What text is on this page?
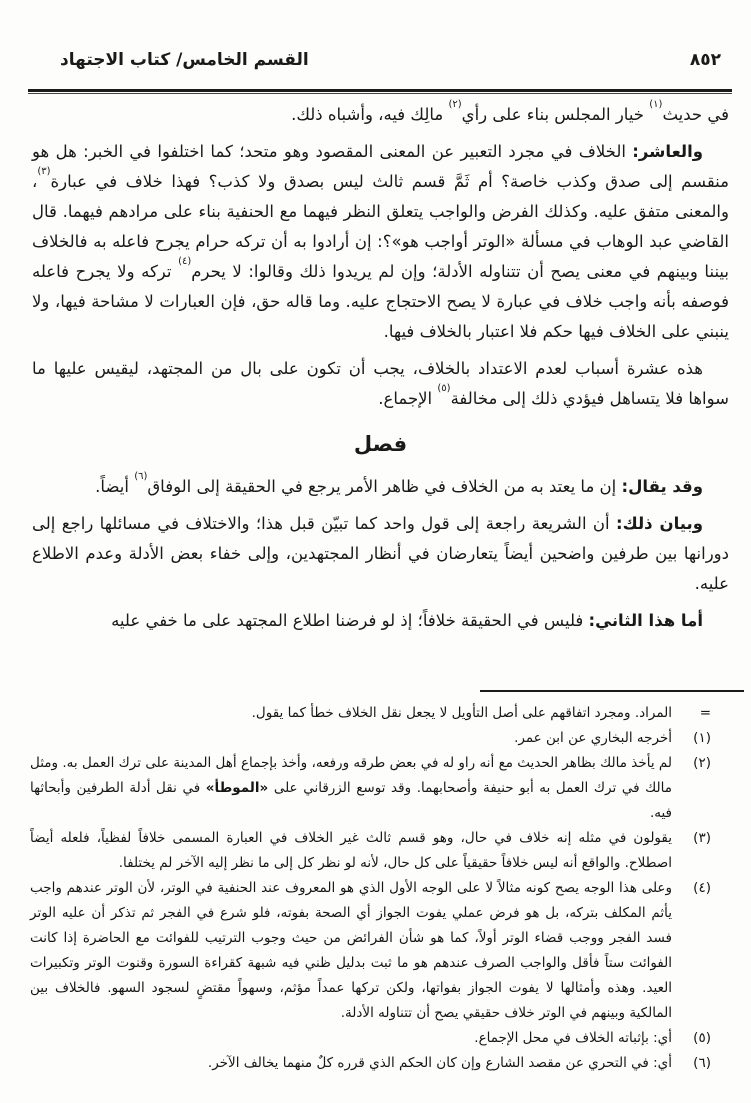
القسم الخامس/ كتاب الاجتهاد	٨٥٢

في حديث$^{(١)}$ خيار المجلس بناء على رأي$^{(٢)}$ مالِك فيه، وأشباه ذلك.

والعاشر: الخلاف في مجرد التعبير عن المعنى المقصود وهو متحد؛ كما اختلفوا في الخبر: هل هو منقسم إلى صدق وكذب خاصة؟ أم ثَمَّ قسم ثالث ليس بصدق ولا كذب؟ فهذا خلاف في عبارة$^{(٣)}$، والمعنى متفق عليه. وكذلك الفرض والواجب يتعلق النظر فيهما مع الحنفية بناء على مرادهم فيهما. قال القاضي عبد الوهاب في مسألة «الوتر أواجب هو»؟: إن أرادوا به أن تركه حرام يجرح فاعله به فالخلاف بيننا وبينهم في معنى يصح أن تتناوله الأدلة؛ وإن لم يريدوا ذلك وقالوا: لا يحرم$^{(٤)}$ تركه ولا يجرح فاعله فوصفه بأنه واجب خلاف في عبارة لا يصح الاحتجاج عليه. وما قاله حق، فإن العبارات لا مشاحة فيها، ولا ينبني على الخلاف فيها حكم فلا اعتبار بالخلاف فيها.

هذه عشرة أسباب لعدم الاعتداد بالخلاف، يجب أن تكون على بال من المجتهد، ليقيس عليها ما سواها فلا يتساهل فيؤدي ذلك إلى مخالفة$^{(٥)}$ الإجماع.

فصل

وقد يقال: إن ما يعتد به من الخلاف في ظاهر الأمر يرجع في الحقيقة إلى الوفاق$^{(٦)}$ أيضاً.

وبيان ذلك: أن الشريعة راجعة إلى قول واحد كما تبيّن قبل هذا؛ والاختلاف في مسائلها راجع إلى دورانها بين طرفين واضحين أيضاً يتعارضان في أنظار المجتهدين، وإلى خفاء بعض الأدلة وعدم الاطلاع عليه.

أما هذا الثاني: فليس في الحقيقة خلافاً؛ إذ لو فرضنا اطلاع المجتهد على ما خفي عليه

=
المراد. ومجرد اتفاقهم على أصل التأويل لا يجعل نقل الخلاف خطأ كما يقول.
(١)
أخرجه البخاري عن ابن عمر.
(٢)
لم يأخذ مالك بظاهر الحديث مع أنه راو له في بعض طرقه ورفعه، وأخذ بإجماع أهل المدينة على ترك العمل به. ومثل مالك في ترك العمل به أبو حنيفة وأصحابهما. وقد توسع الزرقاني على «الموطأ» في نقل أدلة الطرفين وأبحاثها فيه.
(٣)
يقولون في مثله إنه خلاف في حال، وهو قسم ثالث غير الخلاف في العبارة المسمى خلافاً لفظياً، فلعله أيضاً اصطلاح. والواقع أنه ليس خلافاً حقيقياً على كل حال، لأنه لو نظر كل إلى ما نظر إليه الآخر لم يختلفا.
(٤)
وعلى هذا الوجه يصح كونه مثالاً لا على الوجه الأول الذي هو المعروف عند الحنفية في الوتر، لأن الوتر عندهم واجب يأثم المكلف بتركه، بل هو فرض عملي يفوت الجواز أي الصحة بفوته، فلو شرع في الفجر ثم تذكر أن عليه الوتر فسد الفجر ووجب قضاء الوتر أولاً، كما هو شأن الفرائض من حيث وجوب الترتيب للفوائت مع الحاضرة إذا كانت الفوائت ستاً فأقل والواجب الصرف عندهم هو ما ثبت بدليل ظني فيه شبهة كقراءة السورة وقنوت الوتر وتكبيرات العيد. وهذه وأمثالها لا يفوت الجواز بفواتها، ولكن تركها عمداً مؤثم، وسهواً مقتضٍ لسجود السهو. فالخلاف بين المالكية وبينهم في الوتر خلاف حقيقي يصح أن تتناوله الأدلة.
(٥)
أي: بإثباته الخلاف في محل الإجماع.
(٦)
أي: في التحري عن مقصد الشارع وإن كان الحكم الذي قرره كلٌ منهما يخالف الآخر.
